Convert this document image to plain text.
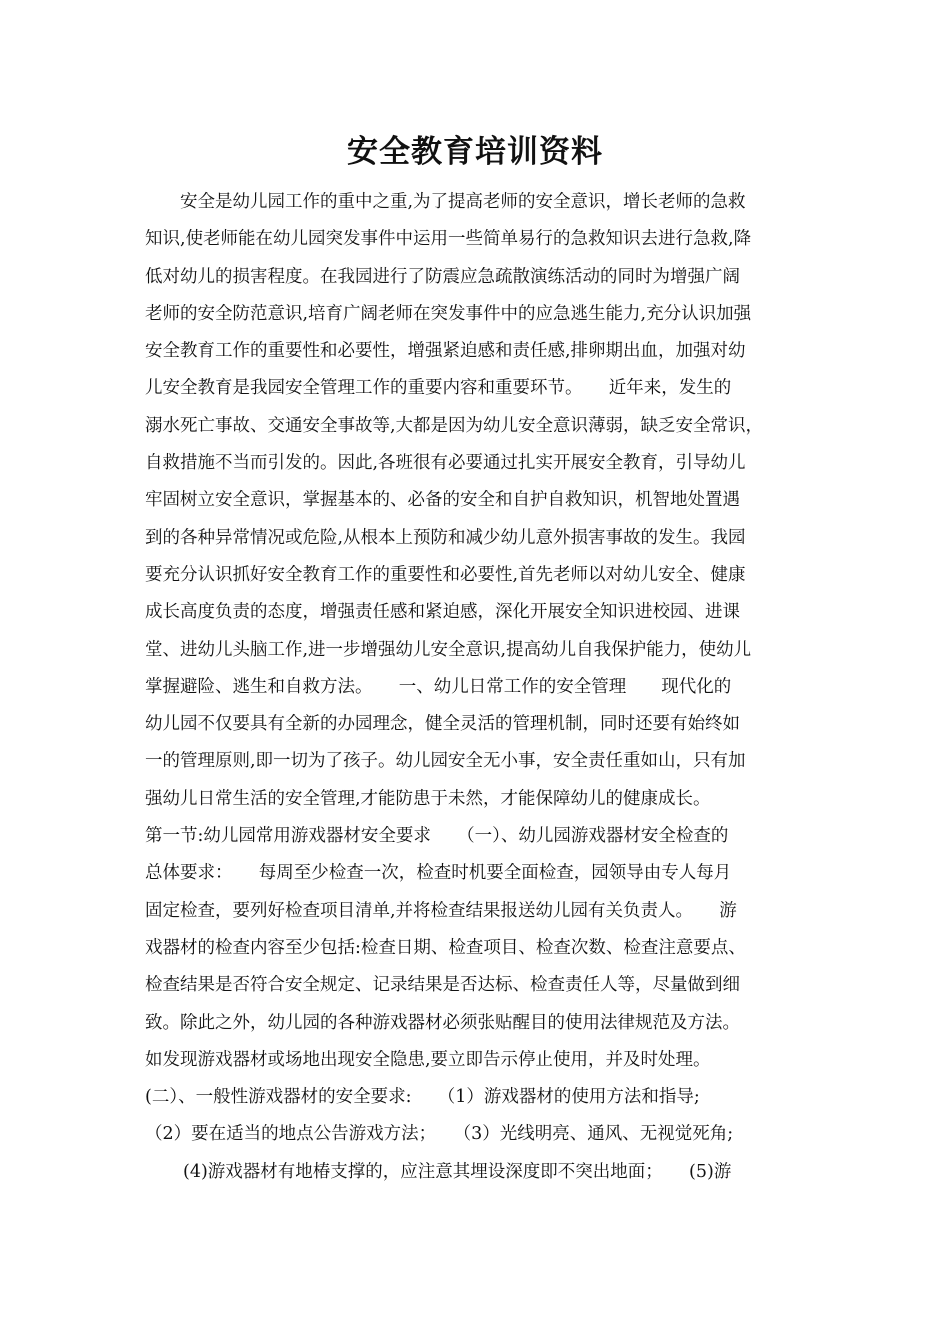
安全教育培训资料
安全是幼儿园工作的重中之重,为了提高老师的安全意识，增长老师的急救
知识,使老师能在幼儿园突发事件中运用一些简单易行的急救知识去进行急救,降
低对幼儿的损害程度。在我园进行了防震应急疏散演练活动的同时为增强广阔
老师的安全防范意识,培育广阔老师在突发事件中的应急逃生能力,充分认识加强
安全教育工作的重要性和必要性，增强紧迫感和责任感,排卵期出血，加强对幼
儿安全教育是我园安全管理工作的重要内容和重要环节。　　近年来，发生的
溺水死亡事故、交通安全事故等,大都是因为幼儿安全意识薄弱，缺乏安全常识，
自救措施不当而引发的。因此,各班很有必要通过扎实开展安全教育，引导幼儿
牢固树立安全意识，掌握基本的、必备的安全和自护自救知识，机智地处置遇
到的各种异常情况或危险,从根本上预防和减少幼儿意外损害事故的发生。我园
要充分认识抓好安全教育工作的重要性和必要性,首先老师以对幼儿安全、健康
成长高度负责的态度，增强责任感和紧迫感，深化开展安全知识进校园、进课
堂、进幼儿头脑工作,进一步增强幼儿安全意识,提高幼儿自我保护能力，使幼儿
掌握避险、逃生和自救方法。　　一、幼儿日常工作的安全管理　　现代化的
幼儿园不仅要具有全新的办园理念，健全灵活的管理机制，同时还要有始终如
一的管理原则,即一切为了孩子。幼儿园安全无小事，安全责任重如山，只有加
强幼儿日常生活的安全管理,才能防患于未然，才能保障幼儿的健康成长。
第一节:幼儿园常用游戏器材安全要求　　（一）、幼儿园游戏器材安全检查的
总体要求：　　每周至少检查一次，检查时机要全面检查，园领导由专人每月
固定检查，要列好检查项目清单,并将检查结果报送幼儿园有关负责人。　　游
戏器材的检查内容至少包括:检查日期、检查项目、检查次数、检查注意要点、
检查结果是否符合安全规定、记录结果是否达标、检查责任人等，尽量做到细
致。除此之外，幼儿园的各种游戏器材必须张贴醒目的使用法律规范及方法。
如发现游戏器材或场地出现安全隐患,要立即告示停止使用，并及时处理。
(二）、一般性游戏器材的安全要求:　　（1）游戏器材的使用方法和指导;
（2）要在适当的地点公告游戏方法；　　（3）光线明亮、通风、无视觉死角;
(4)游戏器材有地椿支撑的，应注意其埋设深度即不突出地面；　　(5)游
